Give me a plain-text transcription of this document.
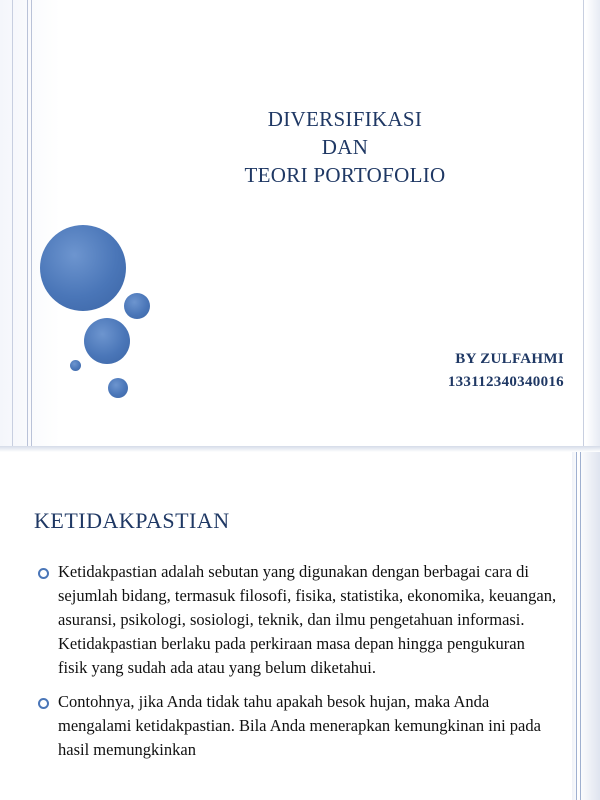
DIVERSIFIKASI
DAN
TEORI PORTOFOLIO
BY ZULFAHMI
133112340340016
KETIDAKPASTIAN
Ketidakpastian adalah sebutan yang digunakan dengan berbagai cara di sejumlah bidang, termasuk filosofi, fisika, statistika, ekonomika, keuangan, asuransi, psikologi, sosiologi, teknik, dan ilmu pengetahuan informasi. Ketidakpastian berlaku pada perkiraan masa depan hingga pengukuran fisik yang sudah ada atau yang belum diketahui.
Contohnya, jika Anda tidak tahu apakah besok hujan, maka Anda mengalami ketidakpastian. Bila Anda menerapkan kemungkinan ini pada hasil memungkinkan
